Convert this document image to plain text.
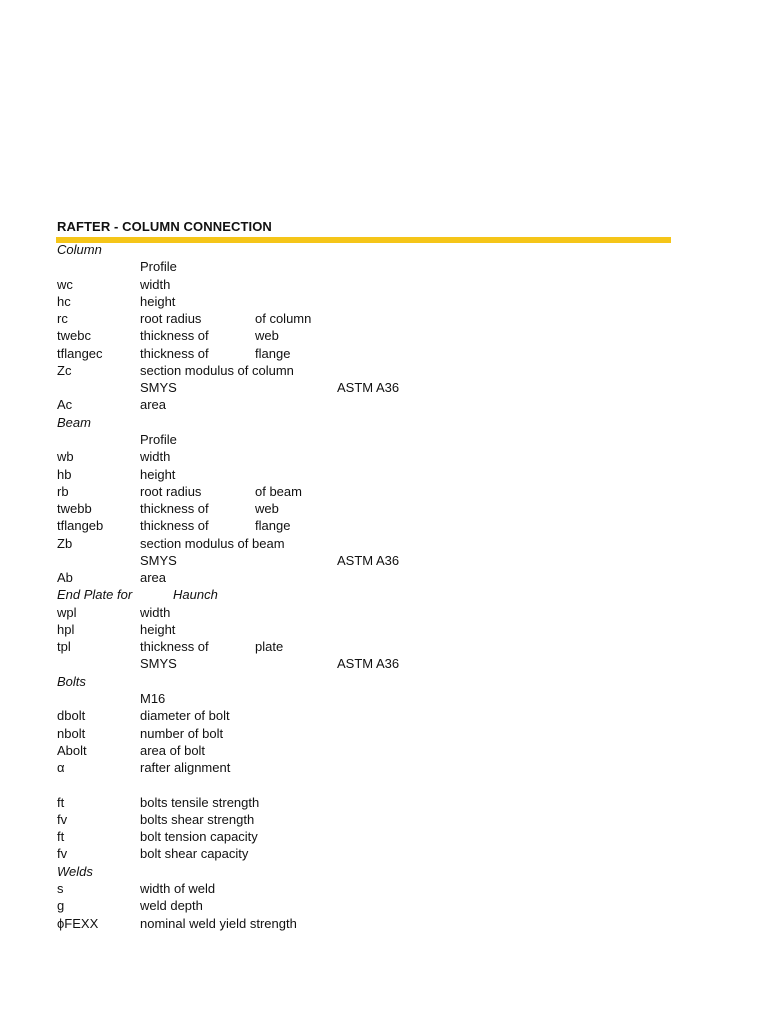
RAFTER - COLUMN CONNECTION
Column
Profile
wc	width
hc	height
rc	root radius	of column
twebc	thickness of	web
tflangec	thickness of	flange
Zc	section modulus of column
SMYS	ASTM A36
Ac	area
Beam
Profile
wb	width
hb	height
rb	root radius	of beam
twebb	thickness of	web
tflangeb	thickness of	flange
Zb	section modulus of beam
SMYS	ASTM A36
Ab	area
End Plate for	Haunch
wpl	width
hpl	height
tpl	thickness of	plate
SMYS	ASTM A36
Bolts
M16
dbolt	diameter of bolt
nbolt	number of bolt
Abolt	area of bolt
α	rafter alignment
ft	bolts tensile strength
fv	bolts shear strength
ft	bolt tension capacity
fv	bolt shear capacity
Welds
s	width of weld
g	weld depth
ϕFEXX	nominal weld yield strength
